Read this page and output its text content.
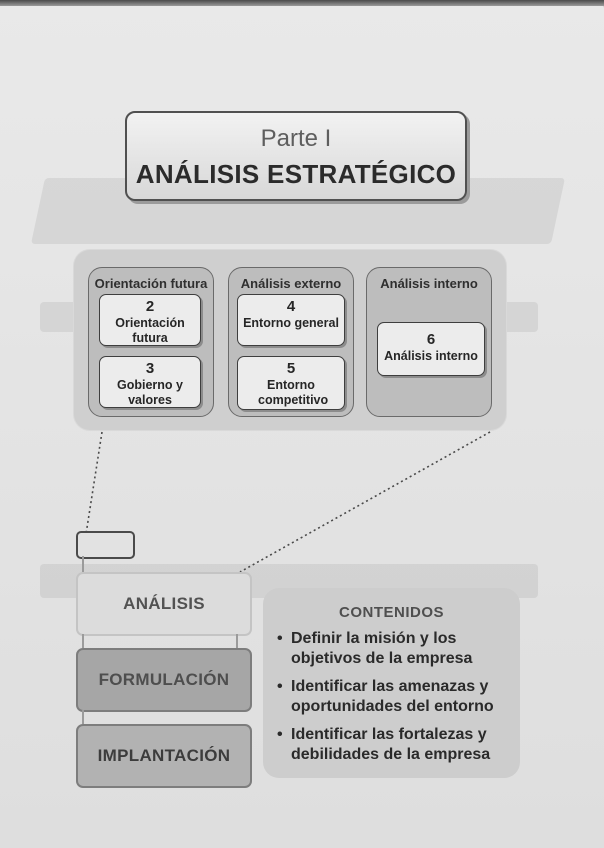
Parte I
ANÁLISIS ESTRATÉGICO
Orientación futura
2
Orientación futura
3
Gobierno y valores
Análisis externo
4
Entorno general
5
Entorno competitivo
Análisis interno
6
Análisis interno
ANÁLISIS
FORMULACIÓN
IMPLANTACIÓN
CONTENIDOS
• Definir la misión y los objetivos de la empresa
• Identificar las amenazas y oportunidades del entorno
• Identificar las fortalezas y debilidades de la empresa
